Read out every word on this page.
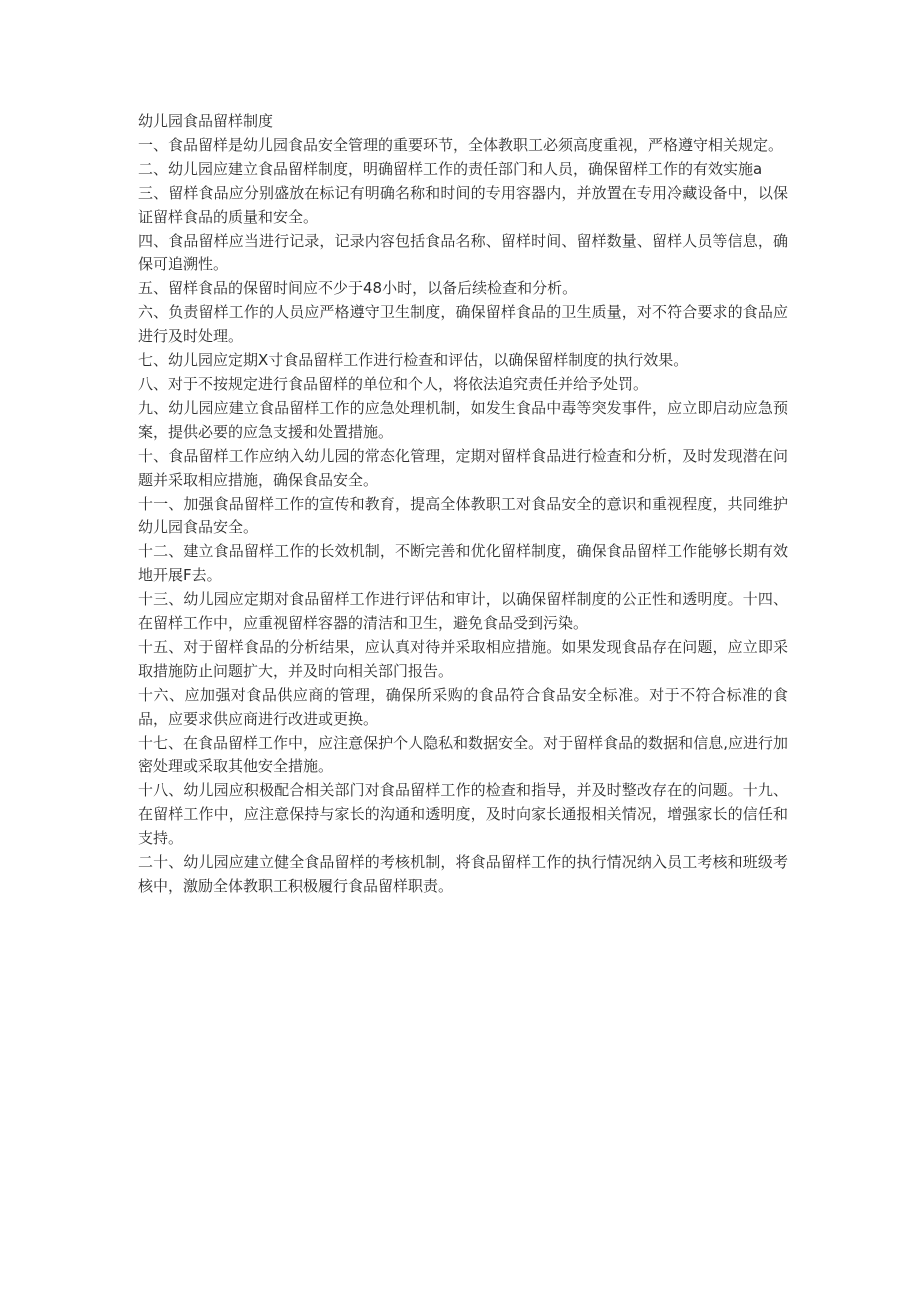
幼儿园食品留样制度

一、食品留样是幼儿园食品安全管理的重要环节，全体教职工必须高度重视，严格遵守相关规定。

二、幼儿园应建立食品留样制度，明确留样工作的责任部门和人员，确保留样工作的有效实施a

三、留样食品应分别盛放在标记有明确名称和时间的专用容器内，并放置在专用冷藏设备中，以保证留样食品的质量和安全。

四、食品留样应当进行记录，记录内容包括食品名称、留样时间、留样数量、留样人员等信息，确保可追溯性。

五、留样食品的保留时间应不少于48小时，以备后续检查和分析。

六、负责留样工作的人员应严格遵守卫生制度，确保留样食品的卫生质量，对不符合要求的食品应进行及时处理。

七、幼儿园应定期X寸食品留样工作进行检查和评估，以确保留样制度的执行效果。

八、对于不按规定进行食品留样的单位和个人，将依法追究责任并给予处罚。

九、幼儿园应建立食品留样工作的应急处理机制，如发生食品中毒等突发事件，应立即启动应急预案，提供必要的应急支援和处置措施。

十、食品留样工作应纳入幼儿园的常态化管理，定期对留样食品进行检查和分析，及时发现潜在问题并采取相应措施，确保食品安全。

十一、加强食品留样工作的宣传和教育，提高全体教职工对食品安全的意识和重视程度，共同维护幼儿园食品安全。

十二、建立食品留样工作的长效机制，不断完善和优化留样制度，确保食品留样工作能够长期有效地开展F去。

十三、幼儿园应定期对食品留样工作进行评估和审计，以确保留样制度的公正性和透明度。十四、在留样工作中，应重视留样容器的清洁和卫生，避免食品受到污染。

十五、对于留样食品的分析结果，应认真对待并采取相应措施。如果发现食品存在问题，应立即采取措施防止问题扩大，并及时向相关部门报告。

十六、应加强对食品供应商的管理，确保所采购的食品符合食品安全标准。对于不符合标准的食品，应要求供应商进行改进或更换。

十七、在食品留样工作中，应注意保护个人隐私和数据安全。对于留样食品的数据和信息,应进行加密处理或采取其他安全措施。

十八、幼儿园应积极配合相关部门对食品留样工作的检查和指导，并及时整改存在的问题。十九、在留样工作中，应注意保持与家长的沟通和透明度，及时向家长通报相关情况，增强家长的信任和支持。

二十、幼儿园应建立健全食品留样的考核机制，将食品留样工作的执行情况纳入员工考核和班级考核中，激励全体教职工积极履行食品留样职责。
